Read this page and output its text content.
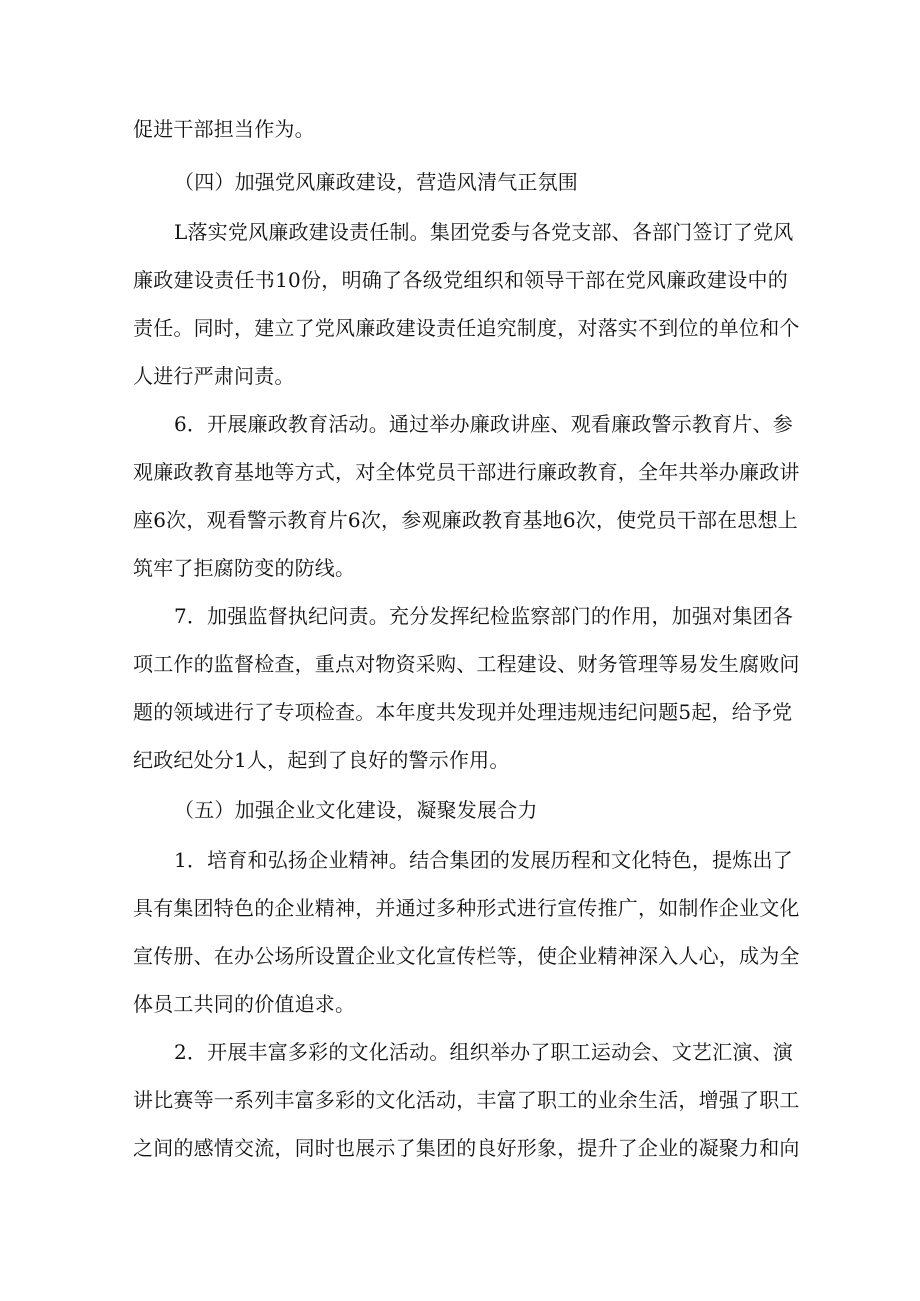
促进干部担当作为。
（四）加强党风廉政建设，营造风清气正氛围
L落实党风廉政建设责任制。集团党委与各党支部、各部门签订了党风
廉政建设责任书10份，明确了各级党组织和领导干部在党风廉政建设中的
责任。同时，建立了党风廉政建设责任追究制度，对落实不到位的单位和个
人进行严肃问责。
6．开展廉政教育活动。通过举办廉政讲座、观看廉政警示教育片、参
观廉政教育基地等方式，对全体党员干部进行廉政教育，全年共举办廉政讲
座6次，观看警示教育片6次，参观廉政教育基地6次，使党员干部在思想上
筑牢了拒腐防变的防线。
7．加强监督执纪问责。充分发挥纪检监察部门的作用，加强对集团各
项工作的监督检查，重点对物资采购、工程建设、财务管理等易发生腐败问
题的领域进行了专项检查。本年度共发现并处理违规违纪问题5起，给予党
纪政纪处分1人，起到了良好的警示作用。
（五）加强企业文化建设，凝聚发展合力
1．培育和弘扬企业精神。结合集团的发展历程和文化特色，提炼出了
具有集团特色的企业精神，并通过多种形式进行宣传推广，如制作企业文化
宣传册、在办公场所设置企业文化宣传栏等，使企业精神深入人心，成为全
体员工共同的价值追求。
2．开展丰富多彩的文化活动。组织举办了职工运动会、文艺汇演、演
讲比赛等一系列丰富多彩的文化活动，丰富了职工的业余生活，增强了职工
之间的感情交流，同时也展示了集团的良好形象，提升了企业的凝聚力和向
